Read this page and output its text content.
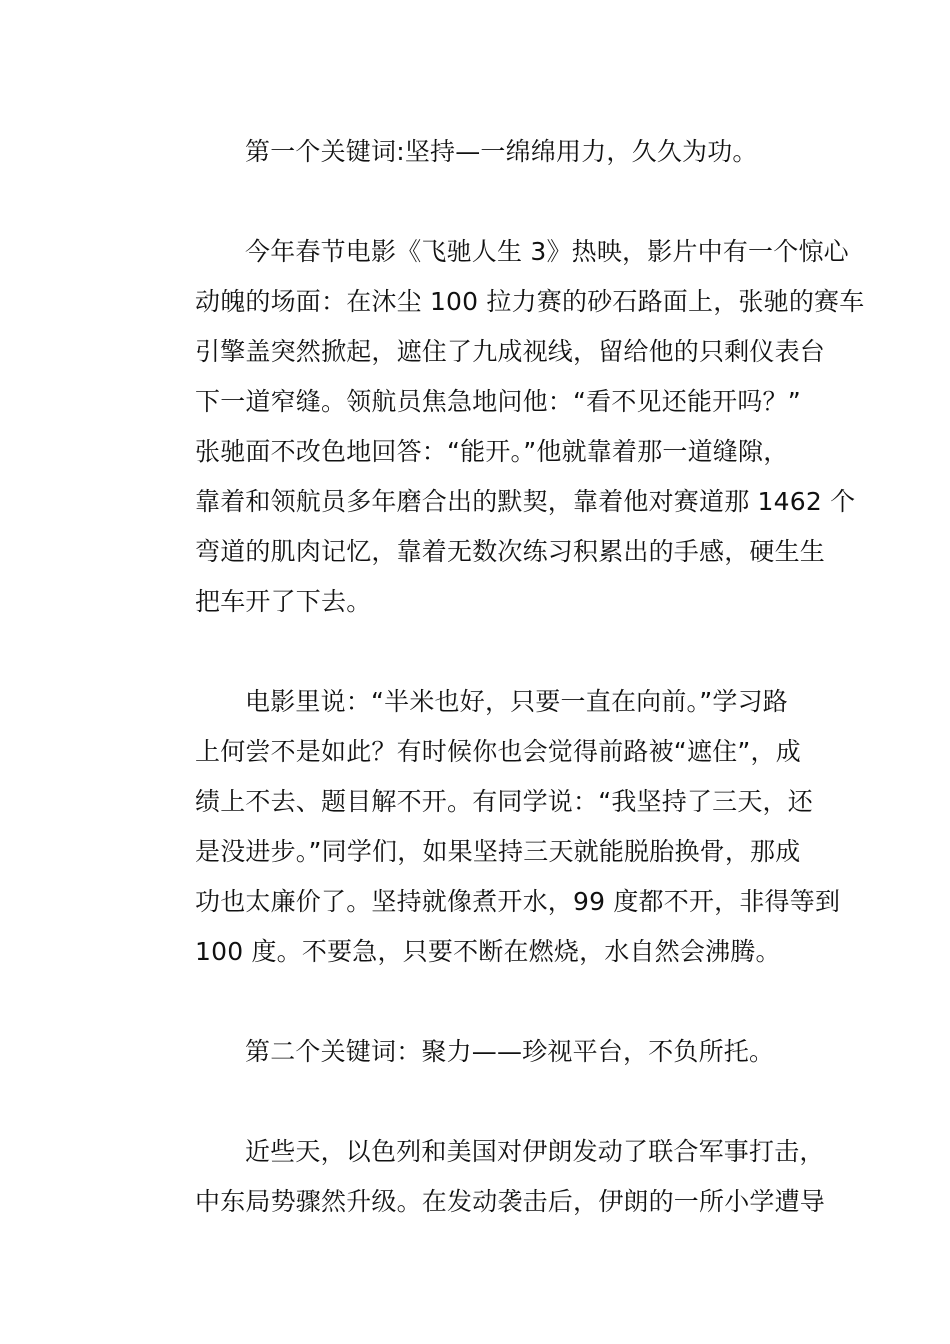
第一个关键词:坚持—一绵绵用力，久久为功。
今年春节电影《飞驰人生 3》热映，影片中有一个惊心
动魄的场面：在沐尘 100 拉力赛的砂石路面上，张驰的赛车
引擎盖突然掀起，遮住了九成视线，留给他的只剩仪表台
下一道窄缝。领航员焦急地问他：“看不见还能开吗？”
张驰面不改色地回答：“能开。”他就靠着那一道缝隙，
靠着和领航员多年磨合出的默契，靠着他对赛道那 1462 个
弯道的肌肉记忆，靠着无数次练习积累出的手感，硬生生
把车开了下去。
电影里说：“半米也好，只要一直在向前。”学习路
上何尝不是如此？有时候你也会觉得前路被“遮住”，成
绩上不去、题目解不开。有同学说：“我坚持了三天，还
是没进步。”同学们，如果坚持三天就能脱胎换骨，那成
功也太廉价了。坚持就像煮开水，99 度都不开，非得等到
100 度。不要急，只要不断在燃烧，水自然会沸腾。
第二个关键词：聚力——珍视平台，不负所托。
近些天，以色列和美国对伊朗发动了联合军事打击，
中东局势骤然升级。在发动袭击后，伊朗的一所小学遭导
